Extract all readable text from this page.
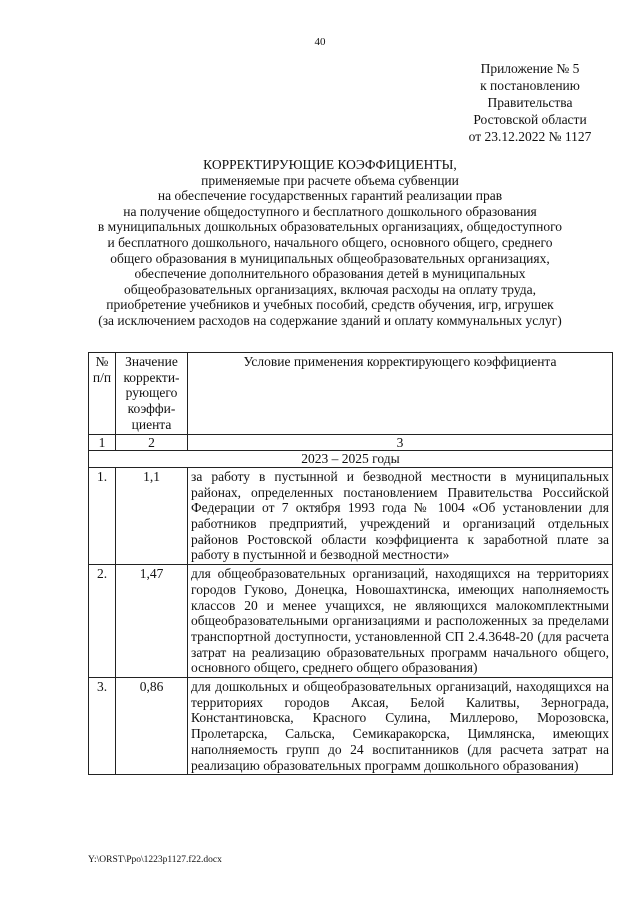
40
Приложение № 5
к постановлению
Правительства
Ростовской области
от 23.12.2022 № 1127
КОРРЕКТИРУЮЩИЕ КОЭФФИЦИЕНТЫ,
применяемые при расчете объема субвенции
на обеспечение государственных гарантий реализации прав
на получение общедоступного и бесплатного дошкольного образования
в муниципальных дошкольных образовательных организациях, общедоступного
и бесплатного дошкольного, начального общего, основного общего, среднего
общего образования в муниципальных общеобразовательных организациях,
обеспечение дополнительного образования детей в муниципальных
общеобразовательных организациях, включая расходы на оплату труда,
приобретение учебников и учебных пособий, средств обучения, игр, игрушек
(за исключением расходов на содержание зданий и оплату коммунальных услуг)
№ п/п	Значение корректи-рующего коэффи-циента	Условие применения корректирующего коэффициента
1	2	3
2023 – 2025 годы		
1.	1,1	за работу в пустынной и безводной местности в муниципальных районах, определенных постановлением Правительства Российской Федерации от 7 октября 1993 года № 1004 «Об установлении для работников предприятий, учреждений и организаций отдельных районов Ростовской области коэффициента к заработной плате за работу в пустынной и безводной местности»
2.	1,47	для общеобразовательных организаций, находящихся на территориях городов Гуково, Донецка, Новошахтинска, имеющих наполняемость классов 20 и менее учащихся, не являющихся малокомплектными общеобразовательными организациями и расположенных за пределами транспортной доступности, установленной СП 2.4.3648-20 (для расчета затрат на реализацию образовательных программ начального общего, основного общего, среднего общего образования)
3.	0,86	для дошкольных и общеобразовательных организаций, находящихся на территориях городов Аксая, Белой Калитвы, Зернограда, Константиновска, Красного Сулина, Миллерово, Морозовска, Пролетарска, Сальска, Семикаракорска, Цимлянска, имеющих наполняемость групп до 24 воспитанников (для расчета затрат на реализацию образовательных программ дошкольного образования)
Y:\ORST\Ppo\1223p1127.f22.docx
